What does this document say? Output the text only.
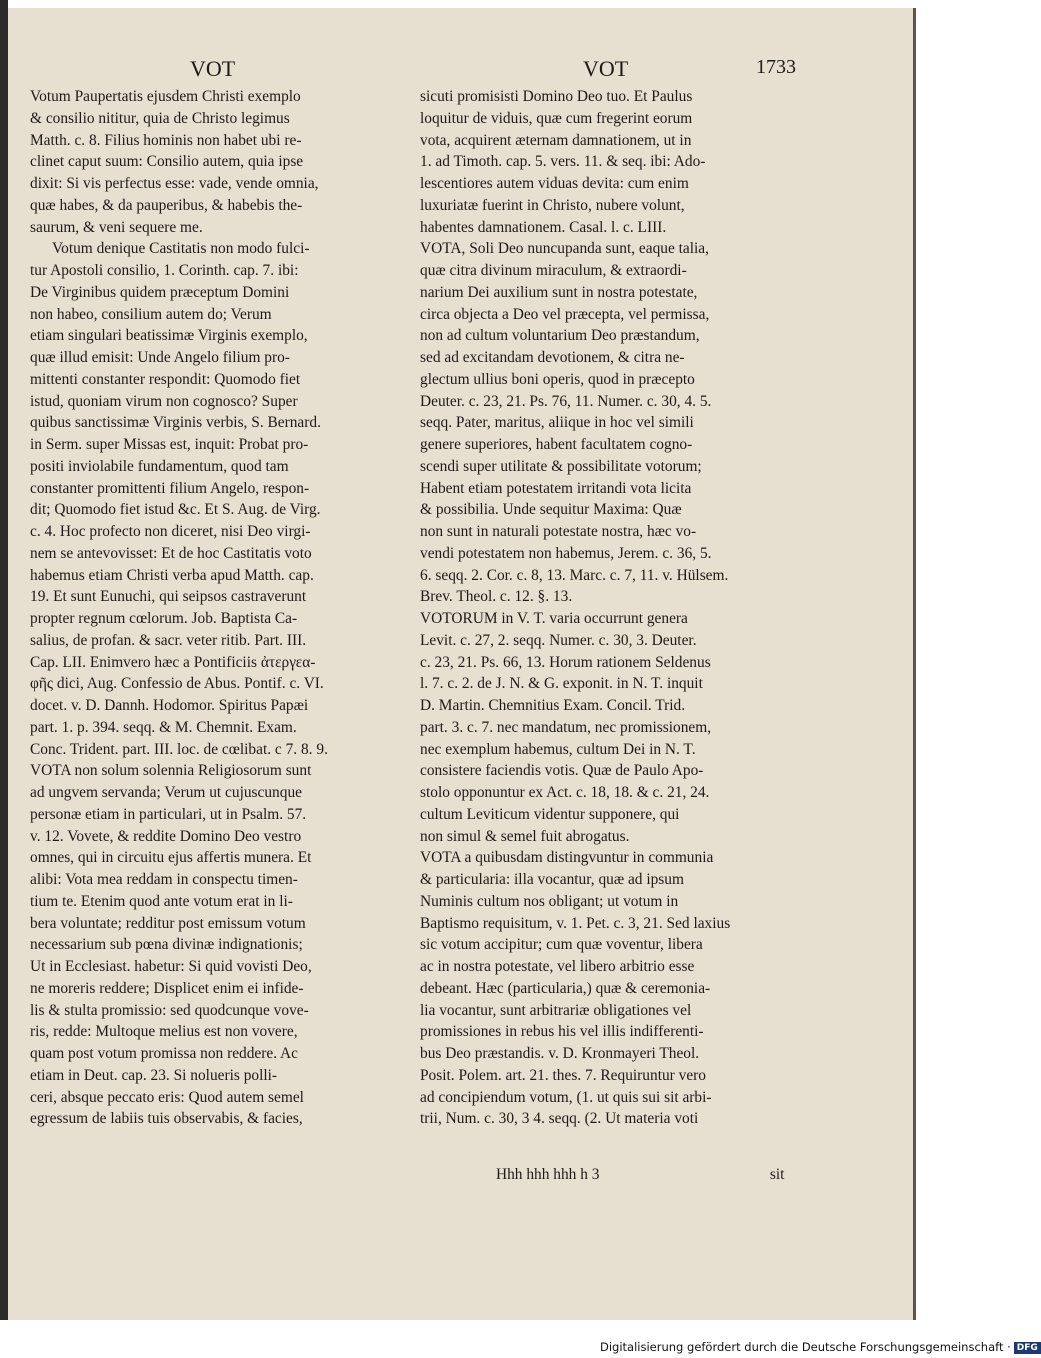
VOT	VOT	1733
Votum Paupertatis ejusdem Christi exemplo
& consilio nititur, quia de Christo legimus
Matth. c. 8. Filius hominis non habet ubi re-
clinet caput suum: Consilio autem, quia ipse
dixit: Si vis perfectus esse: vade, vende omnia,
quæ habes, & da pauperibus, & habebis the-
saurum, & veni sequere me.
Votum denique Castitatis non modo fulci-
tur Apostoli consilio, 1. Corinth. cap. 7. ibi:
De Virginibus quidem præceptum Domini
non habeo, consilium autem do; Verum
etiam singulari beatissimæ Virginis exemplo,
quæ illud emisit: Unde Angelo filium pro-
mittenti constanter respondit: Quomodo fiet
istud, quoniam virum non cognosco? Super
quibus sanctissimæ Virginis verbis, S. Bernard.
in Serm. super Missas est, inquit: Probat pro-
positi inviolabile fundamentum, quod tam
constanter promittenti filium Angelo, respon-
dit; Quomodo fiet istud &c. Et S. Aug. de Virg.
c. 4. Hoc profecto non diceret, nisi Deo virgi-
nem se antevovisset: Et de hoc Castitatis voto
habemus etiam Christi verba apud Matth. cap.
19. Et sunt Eunuchi, qui seipsos castraverunt
propter regnum cœlorum. Job. Baptista Ca-
salius, de profan. & sacr. veter ritib. Part. III.
Cap. LII. Enimvero hæc a Pontificiis ἀτεργεα-
φῆς dici, Aug. Confessio de Abus. Pontif. c. VI.
docet. v. D. Dannh. Hodomor. Spiritus Papæi
part. 1. p. 394. seqq. & M. Chemnit. Exam.
Conc. Trident. part. III. loc. de cœlibat. c 7. 8. 9.
VOTA non solum solennia Religiosorum sunt
ad ungvem servanda; Verum ut cujuscunque
personæ etiam in particulari, ut in Psalm. 57.
v. 12. Vovete, & reddite Domino Deo vestro
omnes, qui in circuitu ejus affertis munera. Et
alibi: Vota mea reddam in conspectu timen-
tium te. Etenim quod ante votum erat in li-
bera voluntate; redditur post emissum votum
necessarium sub pœna divinæ indignationis;
Ut in Ecclesiast. habetur: Si quid vovisti Deo,
ne moreris reddere; Displicet enim ei infide-
lis & stulta promissio: sed quodcunque vove-
ris, redde: Multoque melius est non vovere,
quam post votum promissa non reddere. Ac
etiam in Deut. cap. 23. Si nolueris polli-
ceri, absque peccato eris: Quod autem semel
egressum de labiis tuis observabis, & facies,
sicuti promisisti Domino Deo tuo. Et Paulus
loquitur de viduis, quæ cum fregerint eorum
vota, acquirent æternam damnationem, ut in
1. ad Timoth. cap. 5. vers. 11. & seq. ibi: Ado-
lescentiores autem viduas devita: cum enim
luxuriatæ fuerint in Christo, nubere volunt,
habentes damnationem. Casal. l. c. LIII.
VOTA, Soli Deo nuncupanda sunt, eaque talia,
quæ citra divinum miraculum, & extraordi-
narium Dei auxilium sunt in nostra potestate,
circa objecta a Deo vel præcepta, vel permissa,
non ad cultum voluntarium Deo præstandum,
sed ad excitandam devotionem, & citra ne-
glectum ullius boni operis, quod in præcepto
Deuter. c. 23, 21. Ps. 76, 11. Numer. c. 30, 4. 5.
seqq. Pater, maritus, aliique in hoc vel simili
genere superiores, habent facultatem cogno-
scendi super utilitate & possibilitate votorum;
Habent etiam potestatem irritandi vota licita
& possibilia. Unde sequitur Maxima: Quæ
non sunt in naturali potestate nostra, hæc vo-
vendi potestatem non habemus, Jerem. c. 36, 5.
6. seqq. 2. Cor. c. 8, 13. Marc. c. 7, 11. v. Hülsem.
Brev. Theol. c. 12. §. 13.
VOTORUM in V. T. varia occurrunt genera
Levit. c. 27, 2. seqq. Numer. c. 30, 3. Deuter.
c. 23, 21. Ps. 66, 13. Horum rationem Seldenus
l. 7. c. 2. de J. N. & G. exponit. in N. T. inquit
D. Martin. Chemnitius Exam. Concil. Trid.
part. 3. c. 7. nec mandatum, nec promissionem,
nec exemplum habemus, cultum Dei in N. T.
consistere faciendis votis. Quæ de Paulo Apo-
stolo opponuntur ex Act. c. 18, 18. & c. 21, 24.
cultum Leviticum videntur supponere, qui
non simul & semel fuit abrogatus.
VOTA a quibusdam distingvuntur in communia
& particularia: illa vocantur, quæ ad ipsum
Numinis cultum nos obligant; ut votum in
Baptismo requisitum, v. 1. Pet. c. 3, 21. Sed laxius
sic votum accipitur; cum quæ voventur, libera
ac in nostra potestate, vel libero arbitrio esse
debeant. Hæc (particularia,) quæ & ceremonia-
lia vocantur, sunt arbitrariæ obligationes vel
promissiones in rebus his vel illis indifferenti-
bus Deo præstandis. v. D. Kronmayeri Theol.
Posit. Polem. art. 21. thes. 7. Requiruntur vero
ad concipiendum votum, (1. ut quis sui sit arbi-
trii, Num. c. 30, 3 4. seqq. (2. Ut materia voti
Hhh hhh hhh h 3	sit
Digitalisierung gefördert durch die Deutsche Forschungsgemeinschaft · DFG
